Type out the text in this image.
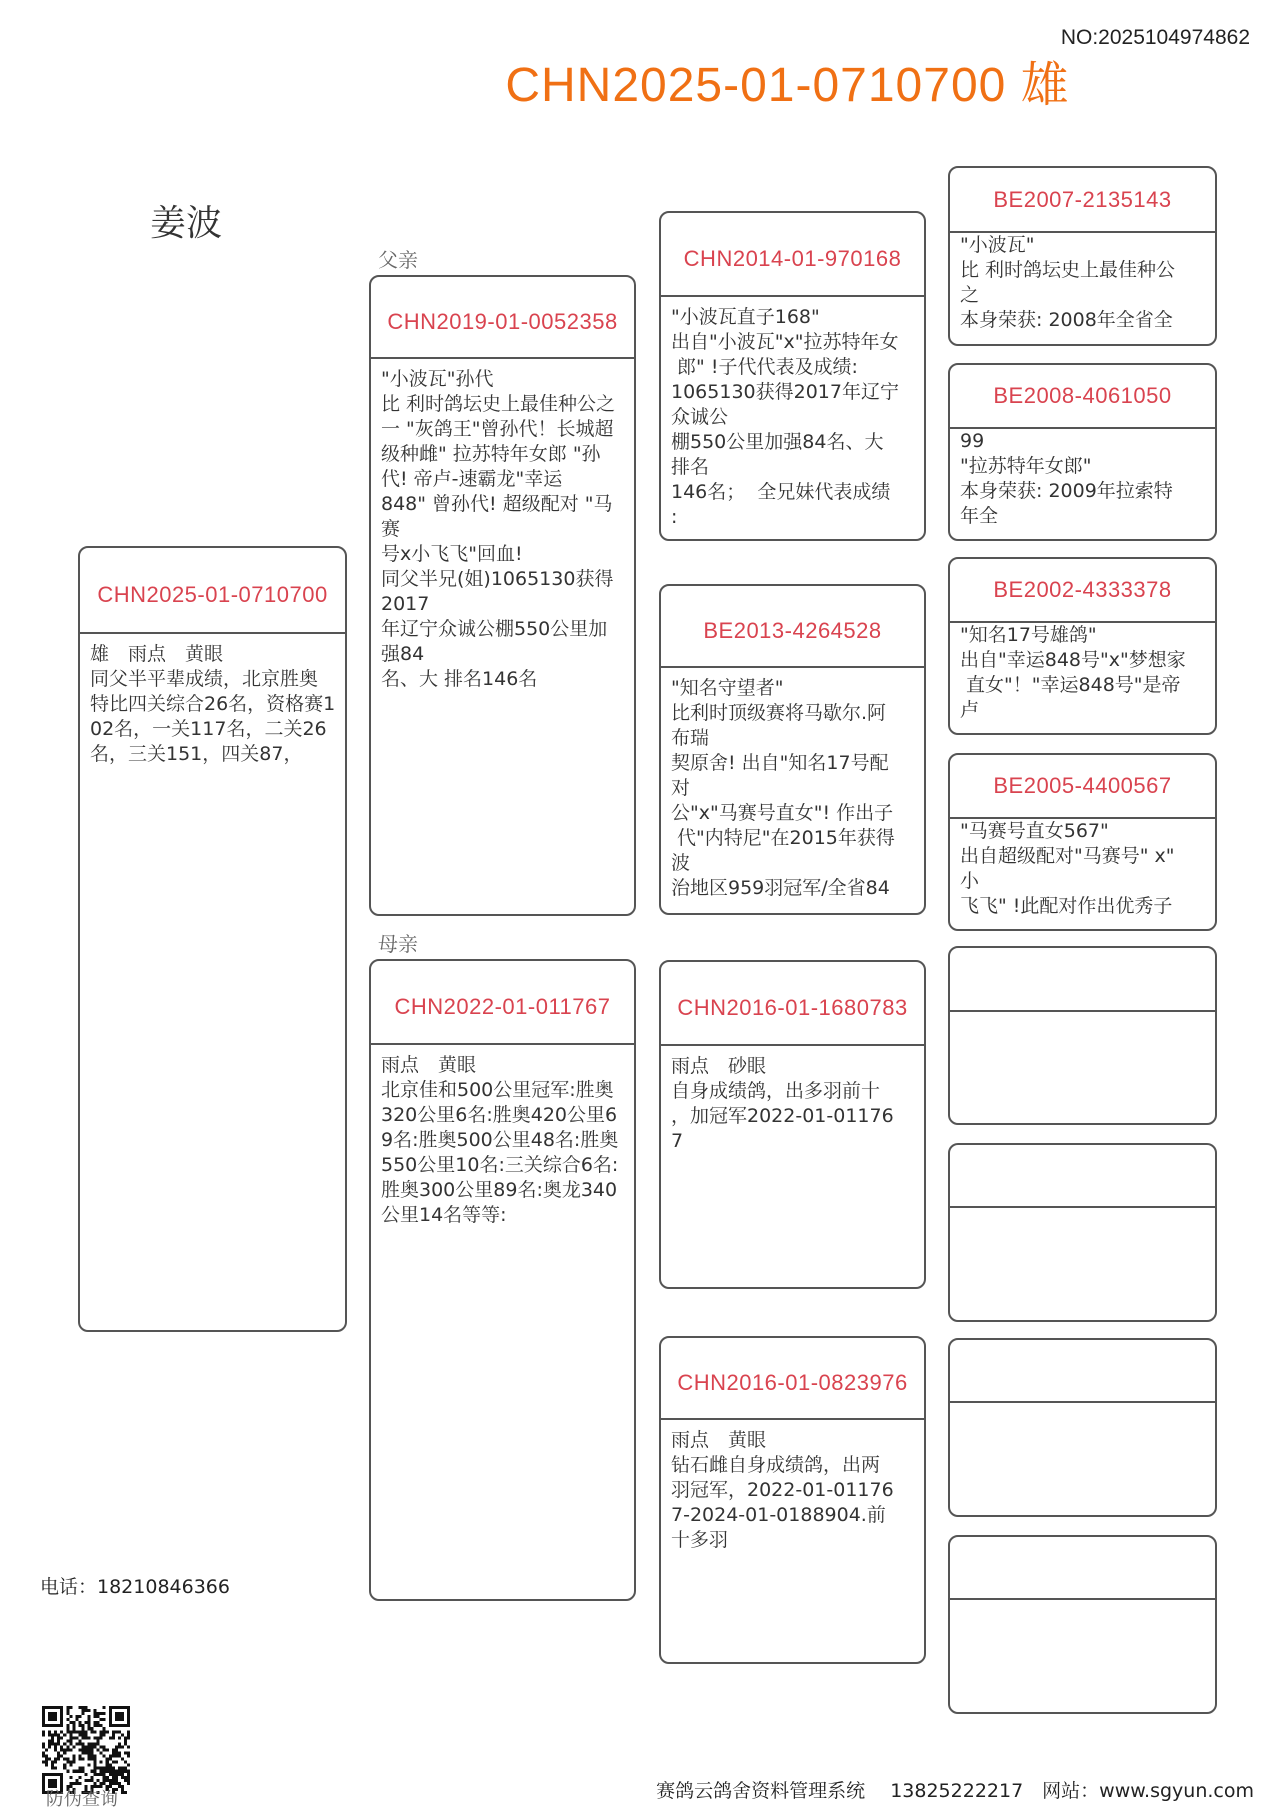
NO:2025104974862
CHN2025-01-0710700 雄
姜波
CHN2025-01-0710700
雄　雨点　黄眼
同父半平辈成绩，北京胜奥特比四关综合26名，资格赛102名，一关117名，二关26名，三关151，四关87，
父亲
CHN2019-01-0052358
"小波瓦"孙代
比 利时鸽坛史上最佳种公之
一 "灰鸽王"曾孙代！长城超 级种雌" 拉苏特年女郎 "孙 代! 帝卢-速霸龙"幸运
848" 曾孙代! 超级配对 "马赛
号x小飞飞"回血!
同父半兄(姐)1065130获得
2017
年辽宁众诚公棚550公里加强84
名、大 排名146名
母亲
CHN2022-01-011767
雨点　黄眼
北京佳和500公里冠军:胜奥320公里6名:胜奥420公里69名:胜奥500公里48名:胜奥550公里10名:三关综合6名:胜奥300公里89名:奥龙340公里14名等等:
CHN2014-01-970168
"小波瓦直子168"
出自"小波瓦"x"拉苏特年女
郎" !子代代表及成绩:
1065130获得2017年辽宁
众诚公
棚550公里加强84名、大
排名
146名；  全兄妹代表成绩
:
BE2013-4264528
"知名守望者"
比利时顶级赛将马歇尔.阿
布瑞
契原舍! 出自"知名17号配
对
公"x"马赛号直女"! 作出子
代"内特尼"在2015年获得
波
治地区959羽冠军/全省84
CHN2016-01-1680783
雨点　砂眼
自身成绩鸽，出多羽前十
，加冠军2022-01-01176
7
CHN2016-01-0823976
雨点　黄眼
钻石雌自身成绩鸽，出两
羽冠军，2022-01-01176
7-2024-01-0188904.前
十多羽
BE2007-2135143
"小波瓦"
比 利时鸽坛史上最佳种公
之
本身荣获: 2008年全省全
BE2008-4061050
99
"拉苏特年女郎"
本身荣获: 2009年拉索特
年全
BE2002-4333378
"知名17号雄鸽"
出自"幸运848号"x"梦想家
直女"！"幸运848号"是帝
卢
BE2005-4400567
"马赛号直女567"
出自超级配对"马赛号" x"
小
飞飞" !此配对作出优秀子
电话：18210846366
防伪查询	赛鸽云鸽舍资料管理系统　 13825222217　网站：www.sgyun.com
